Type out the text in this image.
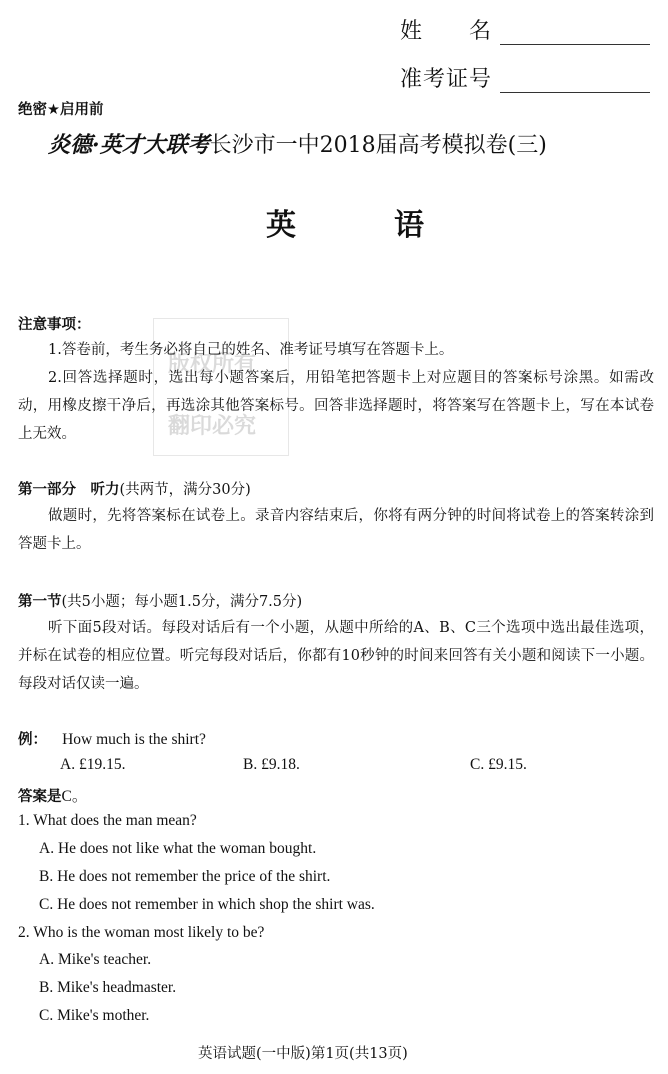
姓　　名
准考证号
绝密★启用前
炎德·英才大联考长沙市一中2018届高考模拟卷(三)
英　　　语
版权所有
翻印必究
注意事项：
1.答卷前，考生务必将自己的姓名、准考证号填写在答题卡上。
2.回答选择题时，选出每小题答案后，用铅笔把答题卡上对应题目的答案标号涂黑。如需改动，用橡皮擦干净后，再选涂其他答案标号。回答非选择题时，将答案写在答题卡上，写在本试卷上无效。
第一部分　听力(共两节，满分30分)
做题时，先将答案标在试卷上。录音内容结束后，你将有两分钟的时间将试卷上的答案转涂到答题卡上。
第一节(共5小题；每小题1.5分，满分7.5分)
听下面5段对话。每段对话后有一个小题，从题中所给的A、B、C三个选项中选出最佳选项，并标在试卷的相应位置。听完每段对话后，你都有10秒钟的时间来回答有关小题和阅读下一小题。每段对话仅读一遍。
例： How much is the shirt?
A. £19.15.	B. £9.18.	C. £9.15.
答案是C。
1. What does the man mean?
A. He does not like what the woman bought.
B. He does not remember the price of the shirt.
C. He does not remember in which shop the shirt was.
2. Who is the woman most likely to be?
A. Mike's teacher.
B. Mike's headmaster.
C. Mike's mother.
英语试题(一中版)第1页(共13页)
